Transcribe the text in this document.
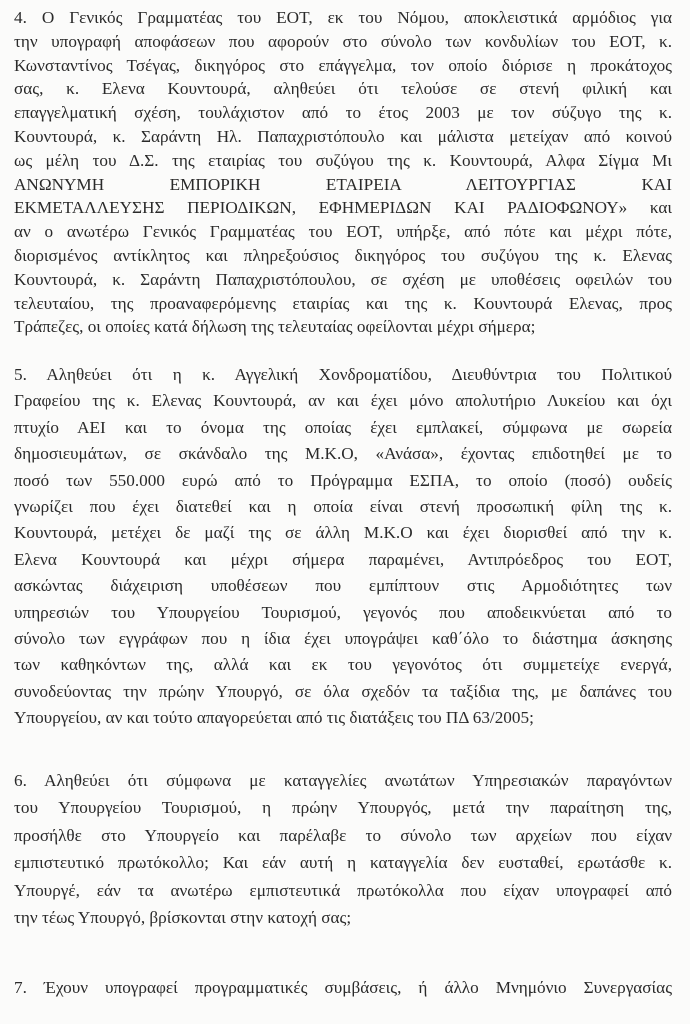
4. Ο Γενικός Γραμματέας του ΕΟΤ, εκ του Νόμου, αποκλειστικά αρμόδιος για
την υπογραφή αποφάσεων που αφορούν στο σύνολο των κονδυλίων του ΕΟΤ, κ.
Κωνσταντίνος Τσέγας, δικηγόρος στο επάγγελμα, τον οποίο διόρισε η προκάτοχος
σας, κ. Ελενα Κουντουρά, αληθεύει ότι τελούσε σε στενή φιλική και
επαγγελματική σχέση, τουλάχιστον από το έτος 2003 με τον σύζυγο της κ.
Κουντουρά, κ. Σαράντη Ηλ. Παπαχριστόπουλο και μάλιστα μετείχαν από κοινού
ως μέλη του Δ.Σ. της εταιρίας του συζύγου της κ. Κουντουρά, Αλφα Σίγμα Μι
ΑΝΩΝΥΜΗ ΕΜΠΟΡΙΚΗ ΕΤΑΙΡΕΙΑ ΛΕΙΤΟΥΡΓΙΑΣ ΚΑΙ
ΕΚΜΕΤΑΛΛΕΥΣΗΣ ΠΕΡΙΟΔΙΚΩΝ, ΕΦΗΜΕΡΙΔΩΝ ΚΑΙ ΡΑΔΙΟΦΩΝΟΥ» και
αν ο ανωτέρω Γενικός Γραμματέας του ΕΟΤ, υπήρξε, από πότε και μέχρι πότε,
διορισμένος αντίκλητος και πληρεξούσιος δικηγόρος του συζύγου της κ. Ελενας
Κουντουρά, κ. Σαράντη Παπαχριστόπουλου, σε σχέση με υποθέσεις οφειλών του
τελευταίου, της προαναφερόμενης εταιρίας και της κ. Κουντουρά Ελενας, προς
Τράπεζες, οι οποίες κατά δήλωση της τελευταίας οφείλονται μέχρι σήμερα;
5. Αληθεύει ότι η κ. Αγγελική Χονδροματίδου, Διευθύντρια του Πολιτικού
Γραφείου της κ. Ελενας Κουντουρά, αν και έχει μόνο απολυτήριο Λυκείου και όχι
πτυχίο ΑΕΙ και το όνομα της οποίας έχει εμπλακεί, σύμφωνα με σωρεία
δημοσιευμάτων, σε σκάνδαλο της Μ.Κ.Ο, «Ανάσα», έχοντας επιδοτηθεί με το
ποσό των 550.000 ευρώ από το Πρόγραμμα ΕΣΠΑ, το οποίο (ποσό) ουδείς
γνωρίζει που έχει διατεθεί και η οποία είναι στενή προσωπική φίλη της κ.
Κουντουρά, μετέχει δε μαζί της σε άλλη Μ.Κ.Ο και έχει διορισθεί από την κ.
Ελενα Κουντουρά και μέχρι σήμερα παραμένει, Αντιπρόεδρος του ΕΟΤ,
ασκώντας διάχειριση υποθέσεων που εμπίπτουν στις Αρμοδιότητες των
υπηρεσιών του Υπουργείου Τουρισμού, γεγονός που αποδεικνύεται από το
σύνολο των εγγράφων που η ίδια έχει υπογράψει καθ΄όλο το διάστημα άσκησης
των καθηκόντων της, αλλά και εκ του γεγονότος ότι συμμετείχε ενεργά,
συνοδεύοντας την πρώην Υπουργό, σε όλα σχεδόν τα ταξίδια της, με δαπάνες του
Υπουργείου, αν και τούτο απαγορεύεται από τις διατάξεις του ΠΔ 63/2005;
6. Αληθεύει ότι σύμφωνα με καταγγελίες ανωτάτων Υπηρεσιακών παραγόντων
του Υπουργείου Τουρισμού, η πρώην Υπουργός, μετά την παραίτηση της,
προσήλθε στο Υπουργείο και παρέλαβε το σύνολο των αρχείων που είχαν
εμπιστευτικό πρωτόκολλο; Και εάν αυτή η καταγγελία δεν ευσταθεί, ερωτάσθε κ.
Υπουργέ, εάν τα ανωτέρω εμπιστευτικά πρωτόκολλα που είχαν υπογραφεί από
την τέως Υπουργό, βρίσκονται στην κατοχή σας;
7. Έχουν υπογραφεί προγραμματικές συμβάσεις, ή άλλο Μνημόνιο Συνεργασίας
